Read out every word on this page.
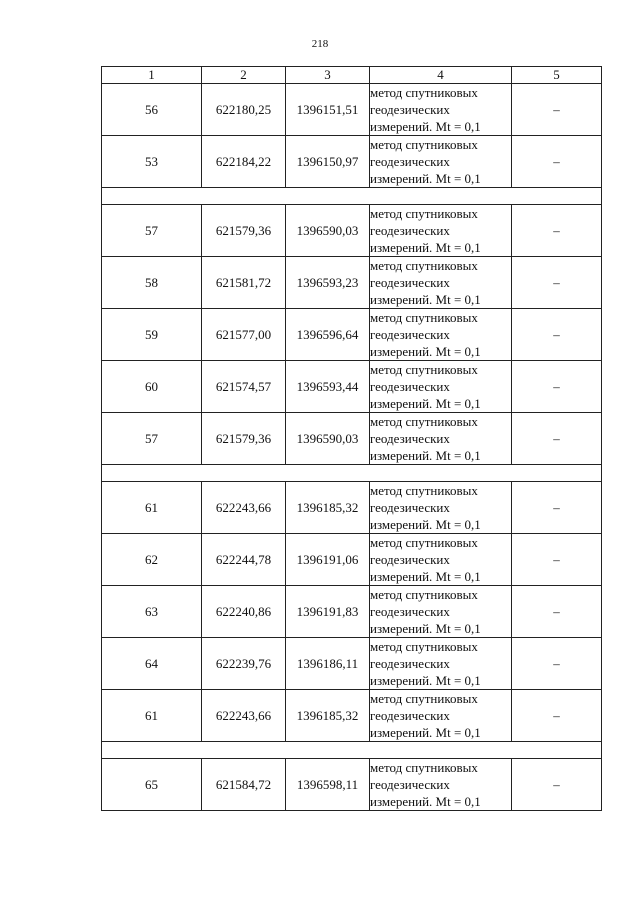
218
1	2	3	4	5
56	622180,25	1396151,51	метод спутниковых
геодезических
измерений. Mt = 0,1	–
53	622184,22	1396150,97	метод спутниковых
геодезических
измерений. Mt = 0,1	–

57	621579,36	1396590,03	метод спутниковых
геодезических
измерений. Mt = 0,1	–
58	621581,72	1396593,23	метод спутниковых
геодезических
измерений. Mt = 0,1	–
59	621577,00	1396596,64	метод спутниковых
геодезических
измерений. Mt = 0,1	–
60	621574,57	1396593,44	метод спутниковых
геодезических
измерений. Mt = 0,1	–
57	621579,36	1396590,03	метод спутниковых
геодезических
измерений. Mt = 0,1	–

61	622243,66	1396185,32	метод спутниковых
геодезических
измерений. Mt = 0,1	–
62	622244,78	1396191,06	метод спутниковых
геодезических
измерений. Mt = 0,1	–
63	622240,86	1396191,83	метод спутниковых
геодезических
измерений. Mt = 0,1	–
64	622239,76	1396186,11	метод спутниковых
геодезических
измерений. Mt = 0,1	–
61	622243,66	1396185,32	метод спутниковых
геодезических
измерений. Mt = 0,1	–

65	621584,72	1396598,11	метод спутниковых
геодезических
измерений. Mt = 0,1	–
